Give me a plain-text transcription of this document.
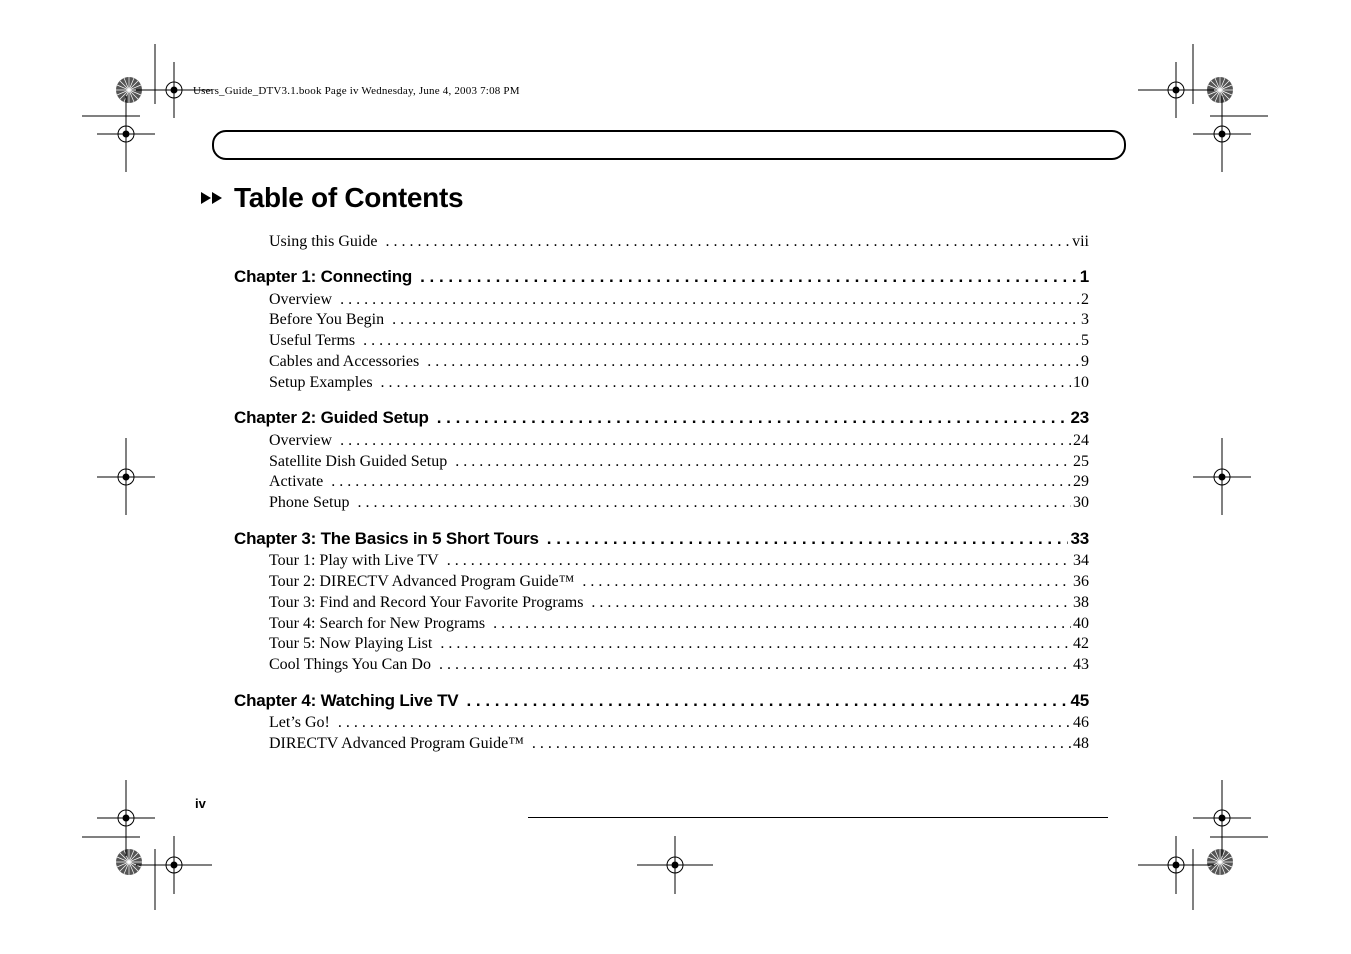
Users_Guide_DTV3.1.book Page iv Wednesday, June 4, 2003 7:08 PM
Table of Contents
Using this Guide . . .	vii
Chapter 1: Connecting . . .	1
Overview . . .	2
Before You Begin . . .	3
Useful Terms . . .	5
Cables and Accessories . . .	9
Setup Examples . . .	10
Chapter 2: Guided Setup . . .	23
Overview . . .	24
Satellite Dish Guided Setup . . .	25
Activate . . .	29
Phone Setup . . .	30
Chapter 3: The Basics in 5 Short Tours . . .	33
Tour 1: Play with Live TV . . .	34
Tour 2: DIRECTV Advanced Program Guide™ . . .	36
Tour 3: Find and Record Your Favorite Programs . . .	38
Tour 4: Search for New Programs . . .	40
Tour 5: Now Playing List . . .	42
Cool Things You Can Do . . .	43
Chapter 4: Watching Live TV . . .	45
Let’s Go! . . .	46
DIRECTV Advanced Program Guide™ . . .	48
iv
